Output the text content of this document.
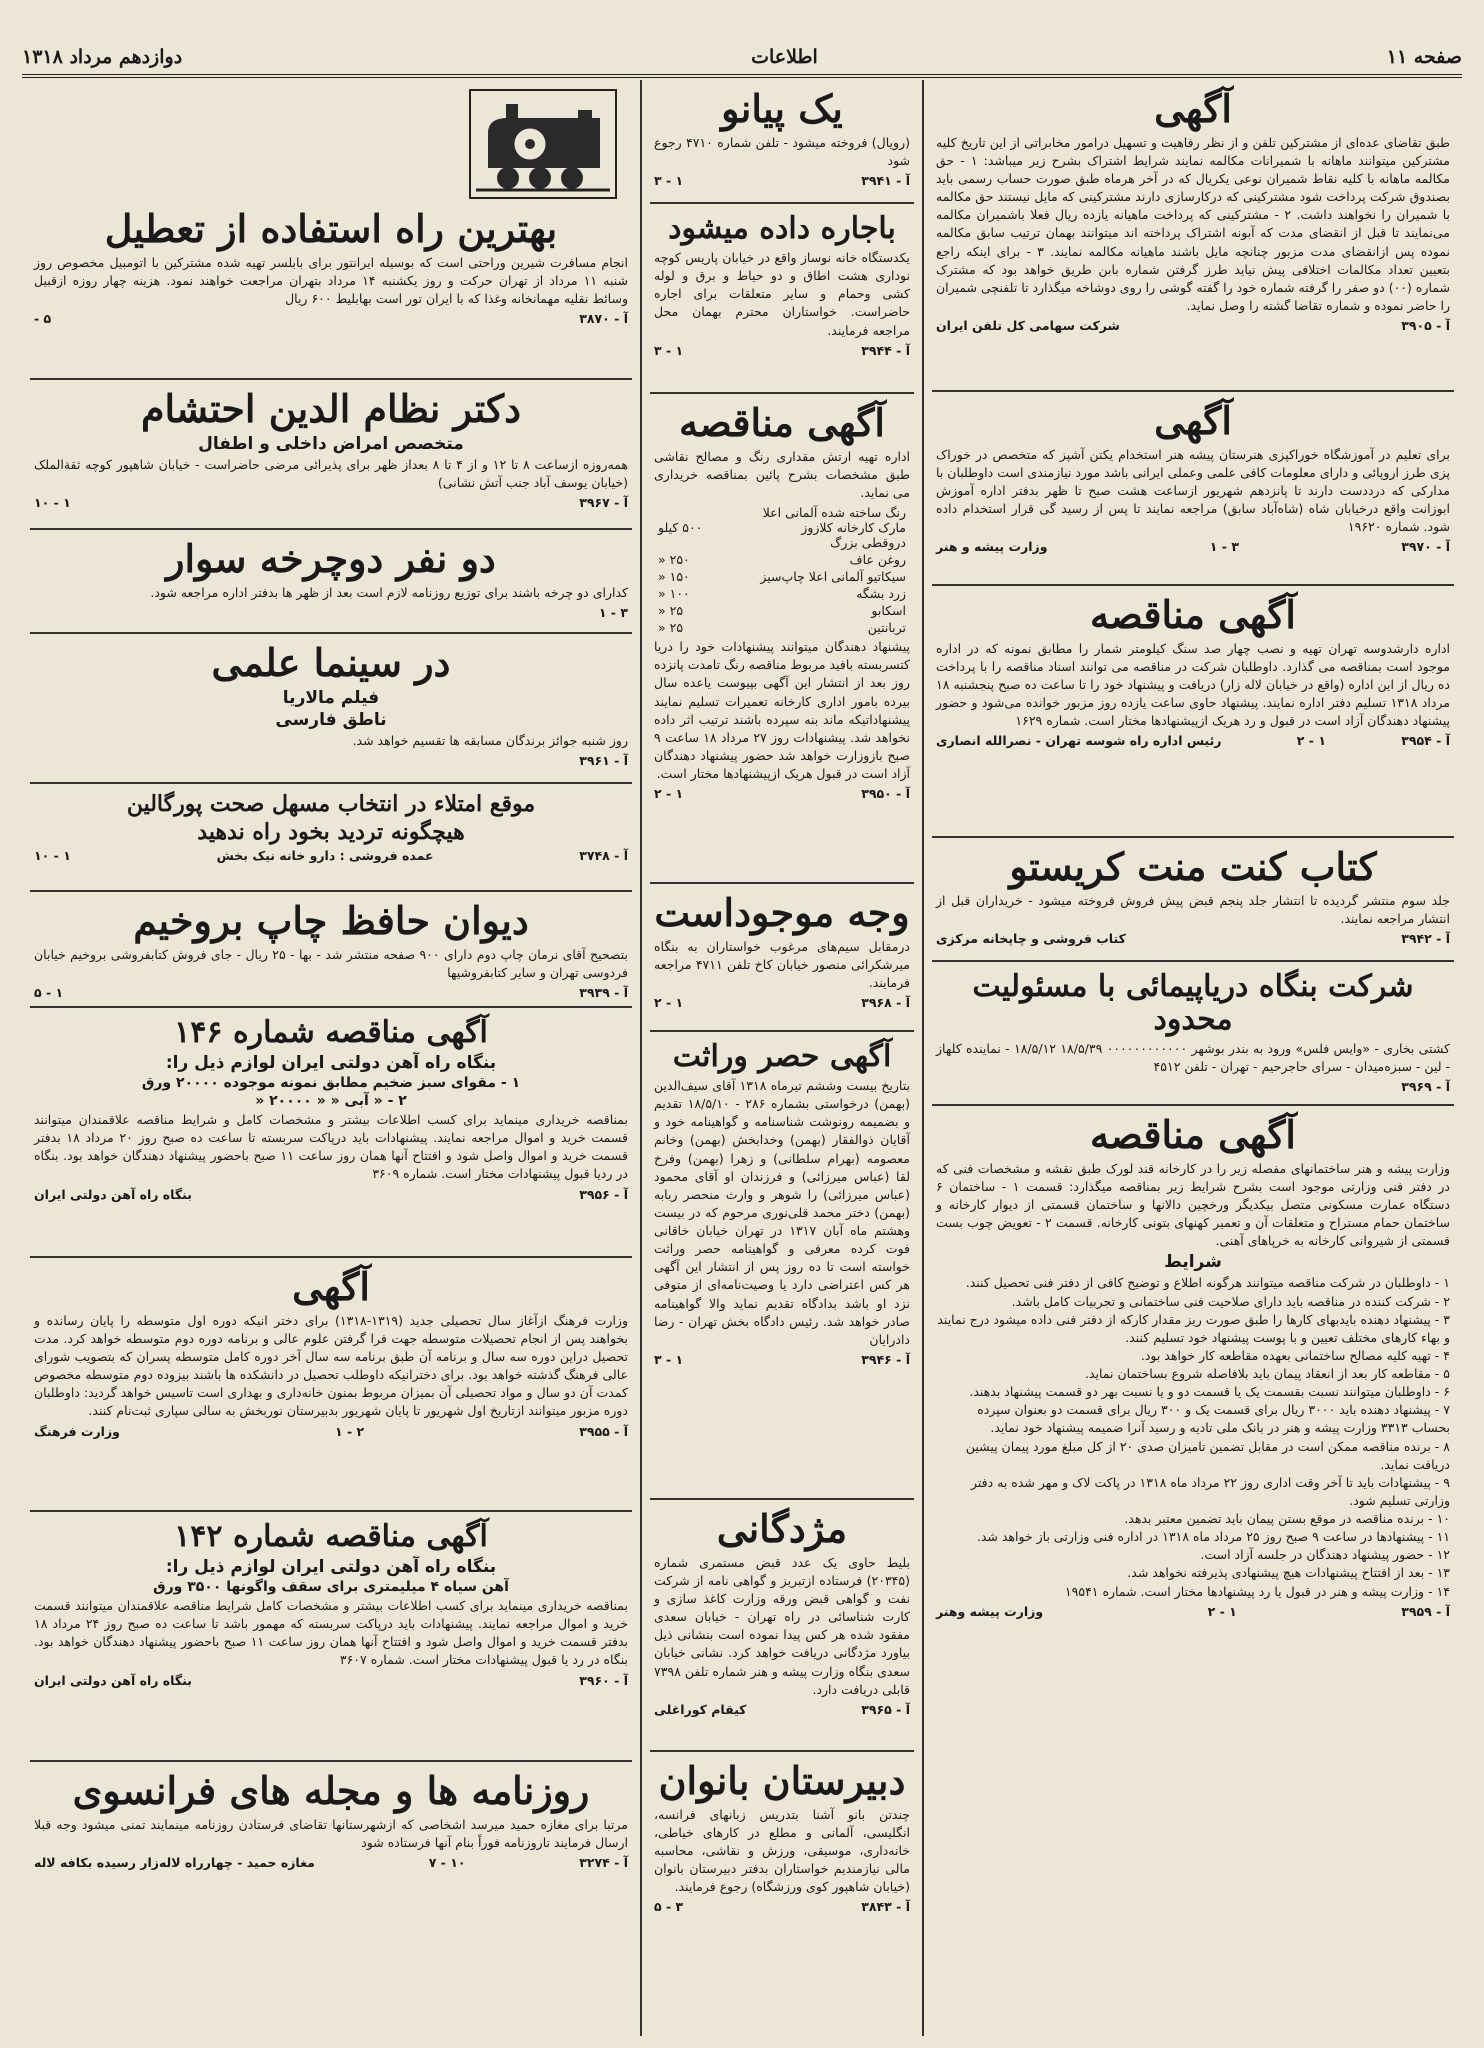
صفحه ۱۱
اطلاعات
دوازدهم مرداد ۱۳۱۸
آگهی
طبق تقاضای عده‌ای از مشترکین تلفن و از نظر رفاهیت و تسهیل درامور مخابراتی از این تاریخ کلیه مشترکین میتوانند ماهانه با شمیرانات مکالمه نمایند شرایط اشتراک بشرح زیر میباشد: ۱ - حق مکالمه ماهانه با کلیه نقاط شمیران نوعی یکریال که در آخر هرماه طبق صورت حساب رسمی باید بصندوق شرکت پرداخت شود مشترکینی که درکارسازی دارند مشترکینی که مایل نیستند حق مکالمه با شمیران را نخواهند داشت. ۲ - مشترکینی که پرداخت ماهیانه یازده ریال فعلا باشمیران مکالمه می‌نمایند تا قبل از انقضای مدت که آبونه اشتراک پرداخته اند میتوانند بهمان ترتیب سابق مکالمه نموده پس ازانقضای مدت مزبور چنانچه مایل باشند ماهیانه مکالمه نمایند. ۳ - برای اینکه راجع بتعیین تعداد مکالمات اختلافی پیش نیاید طرز گرفتن شماره بابن طریق خواهد بود که مشترک شماره (۰۰) دو صفر را گرفته شماره خود را گفته گوشی را روی دوشاخه میگذارد تا تلفنچی شمیران را حاضر نموده و شماره تقاضا گشته را وصل نماید.
آ - ۳۹۰۵
شرکت سهامی کل تلفن ایران
آگهی
برای تعلیم در آموزشگاه خوراکپزی هنرستان پیشه هنر استخدام یکتن آشپز که متخصص در خوراک پزی طرز اروپائی و دارای معلومات کافی علمی وعملی ایرانی باشد مورد نیازمندی است داوطلبان با مدارکی که درددست دارند تا پانزدهم شهریور ازساعت هشت صبح تا ظهر بدفتر اداره آموزش ابوزانت واقع درخیابان شاه (شاه‌آباد سابق) مراجعه نمایند تا پس از رسید گی قرار استخدام داده شود. شماره ۱۹۶۲۰
آ - ۳۹۷۰
۳ - ۱
وزارت پیشه و هنر
آگهی مناقصه
اداره دارشدوسه تهران تهیه و نصب چهار صد سنگ کیلومتر شمار را مطابق نمونه که در اداره موجود است بمناقصه می گذارد. داوطلبان شرکت در مناقصه می توانند اسناد مناقصه را با پرداخت ده ریال از این اداره (واقع در خیابان لاله زار) دریافت و پیشنهاد خود را تا ساعت ده صبح پنجشنبه ۱۸ مرداد ۱۳۱۸ تسلیم دفتر اداره نمایند. پیشنهاد حاوی ساعت یازده روز مزبور خوانده می‌شود و حضور پیشنهاد دهندگان آزاد است در قبول و رد هریک ازپیشنهادها مختار است. شماره ۱۶۲۹
آ - ۳۹۵۴
۱ - ۲
رئیس اداره راه شوسه تهران - نصرالله انصاری
کتاب کنت منت کریستو
جلد سوم منتشر گردیده تا انتشار جلد پنجم قبض پیش فروش فروخته میشود - خریداران قبل از انتشار مراجعه نمایند.
آ - ۳۹۴۲
کتاب فروشی و چاپخانه مرکزی
شرکت بنگاه دریاپیمائی با مسئولیت محدود
کشتی بخاری - «وایس فلس» ورود به بندر بوشهر ۰۰۰۰۰۰۰۰۰۰۰۰ ۱۸/۵/۳۹ ۱۸/۵/۱۲ - نماینده کلهاز - لین - سبزه‌میدان - سرای حاجرحیم - تهران - تلفن ۴۵۱۲
آ - ۳۹۶۹
آگهی مناقصه
وزارت پیشه و هنر ساختمانهای مفصله زیر را در کارخانه قند لورک طبق نقشه و مشخصات فنی که در دفتر فنی وزارتی موجود است بشرح شرایط زیر بمناقصه میگذارد: قسمت ۱ - ساختمان ۶ دستگاه عمارت مسکونی متصل بیکدیگر ورخچین دالانها و ساختمان قسمتی از دیوار کارخانه و ساختمان حمام مستراح و متعلقات آن و تعمیر کهنهای بتونی کارخانه. قسمت ۲ - تعویض چوب بست قسمتی از شیروانی کارخانه به خرپاهای آهنی.
شرایط
۱ - داوطلبان در شرکت مناقصه میتوانند هرگونه اطلاع و توضیح کافی از دفتر فنی تحصیل کنند.
۲ - شرکت کننده در مناقصه باید دارای صلاحیت فنی ساختمانی و تجربیات کامل باشد.
۳ - پیشنهاد دهنده بایدبهای کارها را طبق صورت ریز مقدار کارکه از دفتر فنی داده میشود درج نمایند و بهاء کارهای مختلف تعیین و با پوست پیشنهاد خود تسلیم کنند.
۴ - تهیه کلیه مصالح ساختمانی بعهده مقاطعه کار خواهد بود.
۵ - مقاطعه کار بعد از انعقاد پیمان باید بلافاصله شروع بساختمان نماید.
۶ - داوطلبان میتوانند نسبت بقسمت یک یا قسمت دو و یا نسبت بهر دو قسمت پیشنهاد بدهند.
۷ - پیشنهاد دهنده باید ۳۰۰۰ ریال برای قسمت یک و ۳۰۰ ریال برای قسمت دو بعنوان سپرده بحساب ۳۳۱۳ وزارت پیشه و هنر در بانک ملی تادیه و رسید آنرا ضمیمه پیشنهاد خود نماید.
۸ - برنده مناقصه ممکن است در مقابل تضمین تامیزان صدی ۲۰ از کل مبلغ مورد پیمان پیشین دریافت نماید.
۹ - پیشنهادات باید تا آخر وقت اداری روز ۲۲ مرداد ماه ۱۳۱۸ در پاکت لاک و مهر شده به دفتر وزارتی تسلیم شود.
۱۰ - برنده مناقصه در موقع بستن پیمان باید تضمین معتبر بدهد.
۱۱ - پیشنهادها در ساعت ۹ صبح روز ۲۵ مرداد ماه ۱۳۱۸ در اداره فنی وزارتی باز خواهد شد.
۱۲ - حضور پیشنهاد دهندگان در جلسه آزاد است.
۱۳ - بعد از افتتاح پیشنهادات هیچ پیشنهادی پذیرفته نخواهد شد.
۱۴ - وزارت پیشه و هنر در قبول یا رد پیشنهادها مختار است. شماره ۱۹۵۴۱
آ - ۳۹۵۹
۱ - ۲
وزارت پیشه وهنر
یک پیانو
(رویال) فروخته میشود - تلفن شماره ۴۷۱۰ رجوع شود
آ - ۳۹۴۱
۱ - ۳
باجاره داده میشود
یکدستگاه خانه نوساز واقع در خیابان پاریس کوچه نوداری هشت اطاق و دو حیاط و برق و لوله کشی وحمام و سایر متعلقات برای اجاره حاضراست. خواستاران محترم بهمان محل مراجعه فرمایند.
آ - ۳۹۴۴
۱ - ۳
آگهی مناقصه
اداره تهیه ارتش مقداری رنگ و مصالح نقاشی طبق مشخصات بشرح پائین بمناقصه خریداری می نماید.
رنگ ساخته شده آلمانی اعلا مارک کارخانه کلازوز دروقطی بزرگ	۵۰۰ کیلو
روغن عاف	۲۵۰ «
سیکاتیو آلمانی اعلا چاپ‌سیز	۱۵۰ «
زرد بشگه	۱۰۰ «
اسکابو	۲۵ «
تربانتین	۲۵ «
پیشنهاد دهندگان میتوانند پیشنهادات خود را دریا کتسربسته بافید مربوط مناقصه رنگ تامدت پانزده روز بعد از انتشار این آگهی بپیوست یاعده سال بیرده بامور اداری کارخانه تعمیرات تسلیم نمایند پیشنهاداتیکه ماند بنه سپرده باشند ترتیب اثر داده نخواهد شد. پیشنهادات روز ۲۷ مرداد ۱۸ ساعت ۹ صبح بازوزارت خواهد شد حضور پیشنهاد دهندگان آزاد است در قبول هریک ازپیشنهادها مختار است.
آ - ۳۹۵۰
۱ - ۲
وجه موجوداست
درمقابل سیم‌های مرغوب خواستاران به بنگاه میرشکرائی منصور خیابان کاخ تلفن ۴۷۱۱ مراجعه فرمایند.
آ - ۳۹۶۸
۱ - ۲
آگهی حصر وراثت
بتاریخ بیست وششم تیرماه ۱۳۱۸ آقای سیف‌الدین (بهمن) درخواستی بشماره ۲۸۶ - ۱۸/۵/۱۰ تقدیم و بضمیمه رونوشت شناسنامه و گواهینامه خود و آقایان ذوالفقار (بهمن) وخدابخش (بهمن) وخانم معصومه (بهرام سلطانی) و زهرا (بهمن) وفرخ لقا (عباس میرزائی) و فرزندان او آقای محمود (عباس میرزائی) را شوهر و وارث منحصر ربابه (بهمن) دختر محمد قلی‌نوری مرحوم که در بیست وهشتم ماه آبان ۱۳۱۷ در تهران خیابان خاقانی فوت کرده معرفی و گواهینامه حصر وراثت خواسته است تا ده روز پس از انتشار این آگهی هر کس اعتراضی دارد یا وصیت‌نامه‌ای از متوفی نزد او باشد بدادگاه تقدیم نماید والا گواهینامه صادر خواهد شد. رئیس دادگاه بخش تهران - رضا دادرایان
آ - ۳۹۴۶
۱ - ۳
مژدگانی
بلیط حاوی یک عدد قبض مستمری شماره (۲۰۳۴۵) فرستاده ازتبریز و گواهی نامه از شرکت نفت و گواهی قبض ورقه وزارت کاغذ سازی و کارت شناسائی در راه تهران - خیابان سعدی مفقود شده هر کس پیدا نموده است بنشانی ذیل بیاورد مژدگانی دریافت خواهد کرد. نشانی خیابان سعدی بنگاه وزارت پیشه و هنر شماره تلفن ۷۳۹۸ قابلی دریافت دارد.
آ - ۳۹۶۵
کیقام کوراغلی
دبیرستان بانوان
چندتن بانو آشنا بتدریس زبانهای فرانسه، انگلیسی، آلمانی و مطلع در کارهای خیاطی، خانه‌داری، موسیقی، ورزش و نقاشی، محاسبه مالی نیازمندیم خواستاران بدفتر دبیرستان بانوان (خیابان شاهپور کوی ورزشگاه) رجوع فرمایند.
آ - ۳۸۴۳
۳ - ۵
بهترین راه استفاده از تعطیل
انجام مسافرت شیرین وراحتی است که بوسیله ایرانتور برای بابلسر تهیه شده مشترکین با اتومبیل مخصوص روز شنبه ۱۱ مرداد از تهران حرکت و روز یکشنبه ۱۴ مرداد بتهران مراجعت خواهند نمود. هزینه چهار روزه ازقبیل وسائط نقلیه مهمانخانه وغذا که با ایران تور است بهابلیط ۶۰۰ ریال
آ - ۳۸۷۰
۵ -
دکتر نظام الدین احتشام
متخصص امراض داخلی و اطفال
همه‌روزه ازساعت ۸ تا ۱۲ و از ۴ تا ۸ بعداز ظهر برای پذیرائی مرضی حاضراست - خیابان شاهپور کوچه ثقةالملک (خیابان یوسف آباد جنب آتش نشانی)
آ - ۳۹۶۷
۱ - ۱۰
دو نفر دوچرخه سوار
کدارای دو چرخه باشند برای توزیع روزنامه لازم است بعد از ظهر ها بدفتر اداره مراجعه شود.
۳ - ۱
در سینما علمی
فیلم مالاریا
ناطق فارسی
روز شنبه جوائز برندگان مسابقه ها تقسیم خواهد شد.
آ - ۳۹۶۱
موقع امتلاء در انتخاب مسهل صحت پورگالین
هیچگونه تردید بخود راه ندهید
آ - ۳۷۴۸
عمده فروشی : دارو خانه نیک بخش
۱ - ۱۰
دیوان حافظ چاپ بروخیم
بتصحیح آقای نرمان چاپ دوم دارای ۹۰۰ صفحه منتشر شد - بها - ۲۵ ریال - جای فروش کتابفروشی بروخیم خیابان فردوسی تهران و سایر کتابفروشیها
آ - ۳۹۳۹
۱ - ۵
آگهی مناقصه شماره ۱۴۶
بنگاه راه آهن دولتی ایران لوازم ذیل را:
۱ - مقوای سبز ضخیم مطابق نمونه موجوده ۲۰۰۰۰ ورق
۲ - « آبی « « ۲۰۰۰۰ «
بمناقصه خریداری مینماید برای کسب اطلاعات بیشتر و مشخصات کامل و شرایط مناقصه علاقمندان میتوانند قسمت خرید و اموال مراجعه نمایند. پیشنهادات باید درپاکت سربسته تا ساعت ده صبح روز ۲۰ مرداد ۱۸ بدفتر قسمت خرید و اموال واصل شود و افتتاح آنها همان روز ساعت ۱۱ صبح باحضور پیشنهاد دهندگان خواهد بود. بنگاه در ردیا قبول پیشنهادات مختار است. شماره ۳۶۰۹
آ - ۳۹۵۶
بنگاه راه آهن دولتی ایران
آگهی
وزارت فرهنگ ازآغاز سال تحصیلی جدید (۱۳۱۹-۱۳۱۸) برای دختر انیکه دوره اول متوسطه را پایان رسانده و بخواهند پس از انجام تحصیلات متوسطه جهت فرا گرفتن علوم عالی و برنامه دوره دوم متوسطه خواهد کرد. مدت تحصیل دراین دوره سه سال و برنامه آن طبق برنامه سه سال آخر دوره کامل متوسطه پسران که بتصویب شورای عالی فرهنگ گذشته خواهد بود. برای دخترانیکه داوطلب تحصیل در دانشکده ها باشند بیزوده دوم متوسطه مخصوص کمدت آن دو سال و مواد تحصیلی آن بمیزان مربوط بمنون خانه‌داری و بهداری است تاسیس خواهد گردید: داوطلبان دوره مزبور میتوانند ازتاریخ اول شهریور تا پایان شهریور بدبیرستان نوربخش به سالی سپاری ثبت‌نام کنند.
آ - ۳۹۵۵
۲ - ۱
وزارت فرهنگ
آگهی مناقصه شماره ۱۴۲
بنگاه راه آهن دولتی ایران لوازم ذیل را:
آهن سیاه ۴ میلیمتری برای سقف واگونها ۳۵۰۰ ورق
بمناقصه خریداری مینماید برای کسب اطلاعات بیشتر و مشخصات کامل شرایط مناقصه علاقمندان میتوانند قسمت خرید و اموال مراجعه نمایند. پیشنهادات باید درپاکت سربسته که مهمور باشد تا ساعت ده صبح روز ۲۴ مرداد ۱۸ بدفتر قسمت خرید و اموال واصل شود و افتتاح آنها همان روز ساعت ۱۱ صبح باحضور پیشنهاد دهندگان خواهد بود. بنگاه در رد یا قبول پیشنهادات مختار است. شماره ۳۶۰۷
آ - ۳۹۶۰
بنگاه راه آهن دولتی ایران
روزنامه ها و مجله های فرانسوی
مرتبا برای مغازه حمید میرسد اشخاصی که ازشهرستانها تقاضای فرستادن روزنامه مینمایند تمنی میشود وجه قبلا ارسال فرمایند تاروزنامه فوراً بنام آنها فرستاده شود
آ - ۳۲۷۴
۱۰ - ۷
مغازه حمید - چهارراه لاله‌زار رسیده بکافه لاله
